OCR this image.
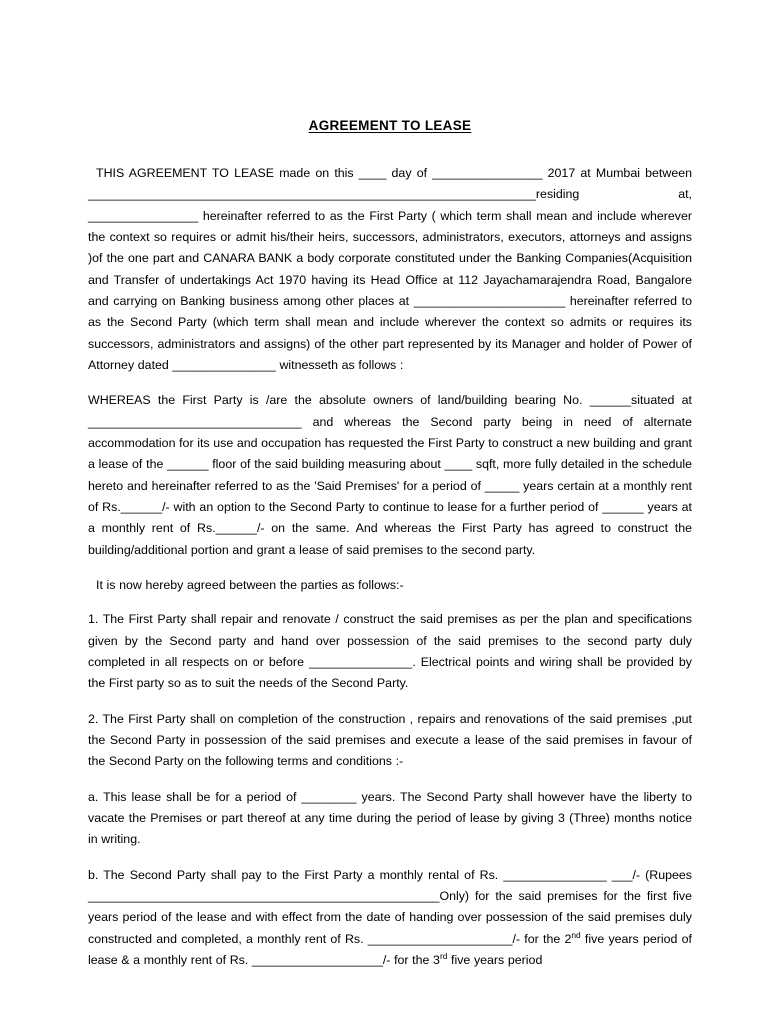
AGREEMENT TO LEASE

THIS AGREEMENT TO LEASE made on this ____ day of ________________ 2017 at Mumbai between _________________________________________________________________residing at, ________________ hereinafter referred to as the First Party ( which term shall mean and include wherever the context so requires or admit his/their heirs, successors, administrators, executors, attorneys and assigns )of the one part and CANARA BANK a body corporate constituted under the Banking Companies(Acquisition and Transfer of undertakings Act 1970 having its Head Office at 112 Jayachamarajendra Road, Bangalore and carrying on Banking business among other places at ______________________ hereinafter referred to as the Second Party (which term shall mean and include wherever the context so admits or requires its successors, administrators and assigns) of the other part represented by its Manager and holder of Power of Attorney dated _______________ witnesseth as follows :

WHEREAS the First Party is /are the absolute owners of land/building bearing No. ______situated at _______________________________ and whereas the Second party being in need of alternate accommodation for its use and occupation has requested the First Party to construct a new building and grant a lease of the ______ floor of the said building measuring about ____ sqft, more fully detailed in the schedule hereto and hereinafter referred to as the 'Said Premises' for a period of _____ years certain at a monthly rent of Rs.______/- with an option to the Second Party to continue to lease for a further period of ______ years at a monthly rent of Rs.______/- on the same. And whereas the First Party has agreed to construct the building/additional portion and grant a lease of said premises to the second party.

It is now hereby agreed between the parties as follows:-

1. The First Party shall repair and renovate / construct the said premises as per the plan and specifications given by the Second party and hand over possession of the said premises to the second party duly completed in all respects on or before _______________. Electrical points and wiring shall be provided by the First party so as to suit the needs of the Second Party.

2. The First Party shall on completion of the construction , repairs and renovations of the said premises ,put the Second Party in possession of the said premises and execute a lease of the said premises in favour of the Second Party on the following terms and conditions :-

a. This lease shall be for a period of ________ years. The Second Party shall however have the liberty to vacate the Premises or part thereof at any time during the period of lease by giving 3 (Three) months notice in writing.

b. The Second Party shall pay to the First Party a monthly rental of Rs. _______________ ___/- (Rupees ___________________________________________________Only) for the said premises for the first five years period of the lease and with effect from the date of handing over possession of the said premises duly constructed and completed, a monthly rent of Rs. _____________________/- for the 2nd five years period of lease & a monthly rent of Rs. ___________________/- for the 3rd five years period
